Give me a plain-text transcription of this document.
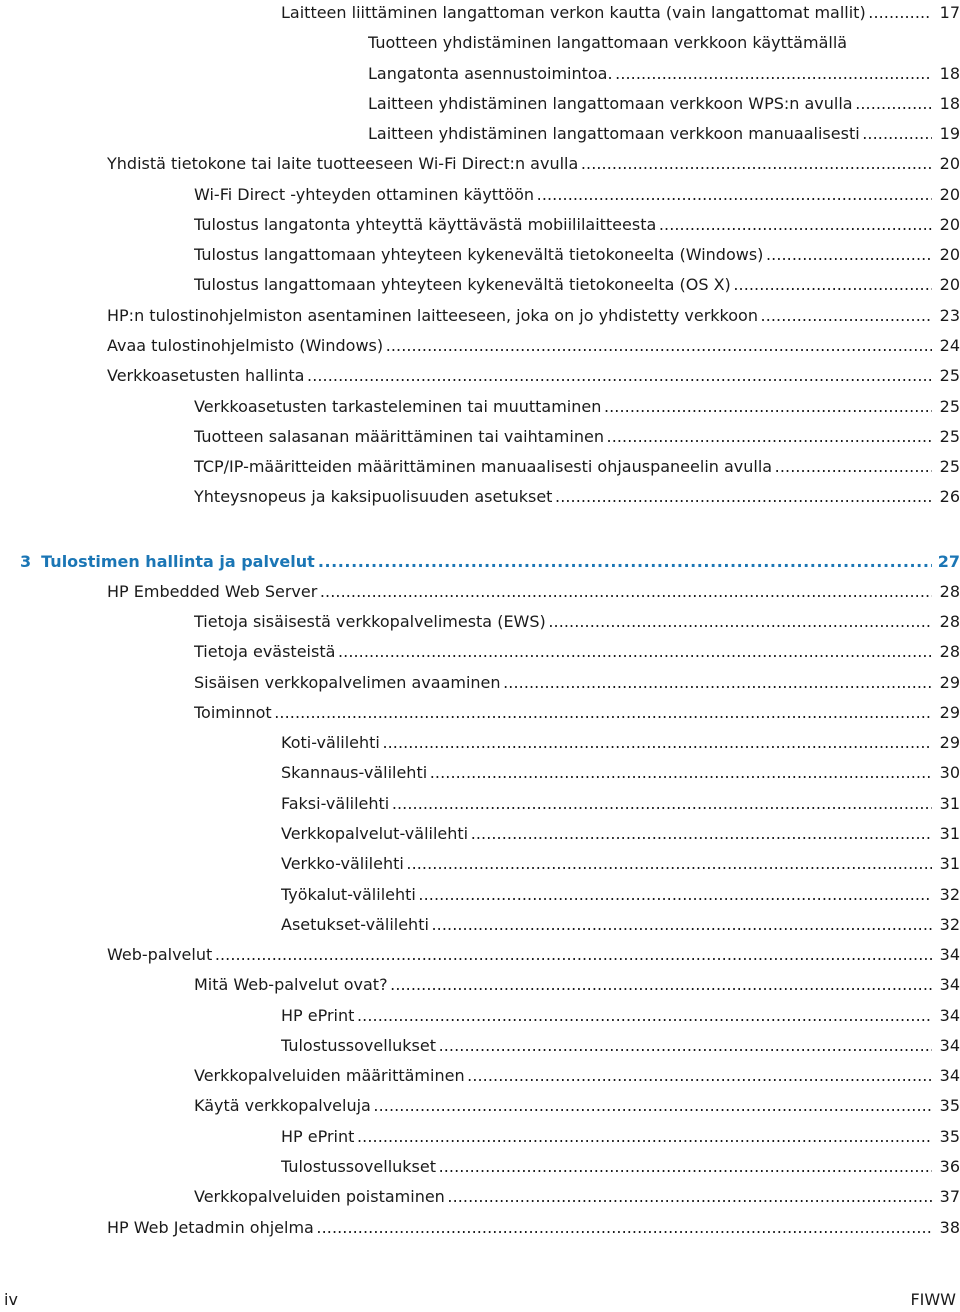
Laitteen liittäminen langattoman verkon kautta (vain langattomat mallit) . . .	17
Tuotteen yhdistäminen langattomaan verkkoon käyttämällä
Langatonta asennustoimintoa. . . .	18
Laitteen yhdistäminen langattomaan verkkoon WPS:n avulla . . .	18
Laitteen yhdistäminen langattomaan verkkoon manuaalisesti . . .	19
Yhdistä tietokone tai laite tuotteeseen Wi-Fi Direct:n avulla . . .	20
Wi-Fi Direct -yhteyden ottaminen käyttöön . . .	20
Tulostus langatonta yhteyttä käyttävästä mobiililaitteesta . . .	20
Tulostus langattomaan yhteyteen kykenevältä tietokoneelta (Windows) . . .	20
Tulostus langattomaan yhteyteen kykenevältä tietokoneelta (OS X) . . .	20
HP:n tulostinohjelmiston asentaminen laitteeseen, joka on jo yhdistetty verkkoon . . .	23
Avaa tulostinohjelmisto (Windows) . . .	24
Verkkoasetusten hallinta . . .	25
Verkkoasetusten tarkasteleminen tai muuttaminen . . .	25
Tuotteen salasanan määrittäminen tai vaihtaminen . . .	25
TCP/IP-määritteiden määrittäminen manuaalisesti ohjauspaneelin avulla . . .	25
Yhteysnopeus ja kaksipuolisuuden asetukset . . .	26
3 Tulostimen hallinta ja palvelut . . .	27
HP Embedded Web Server . . .	28
Tietoja sisäisestä verkkopalvelimesta (EWS) . . .	28
Tietoja evästeistä . . .	28
Sisäisen verkkopalvelimen avaaminen . . .	29
Toiminnot . . .	29
Koti-välilehti . . .	29
Skannaus-välilehti . . .	30
Faksi-välilehti . . .	31
Verkkopalvelut-välilehti . . .	31
Verkko-välilehti . . .	31
Työkalut-välilehti . . .	32
Asetukset-välilehti . . .	32
Web-palvelut . . .	34
Mitä Web-palvelut ovat? . . .	34
HP ePrint . . .	34
Tulostussovellukset . . .	34
Verkkopalveluiden määrittäminen . . .	34
Käytä verkkopalveluja . . .	35
HP ePrint . . .	35
Tulostussovellukset . . .	36
Verkkopalveluiden poistaminen . . .	37
HP Web Jetadmin ohjelma . . .	38
iv	FIWW
